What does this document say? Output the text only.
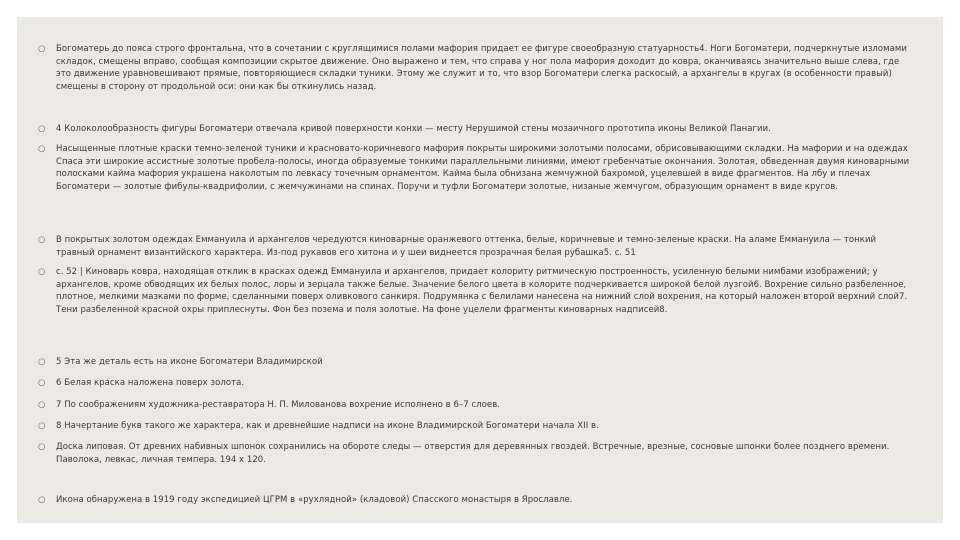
○ Богоматерь до пояса строго фронтальна, что в сочетании с круглящимися полами мафория придает ее фигуре своеобразную статуарность4. Ноги Богоматери, подчеркнутые изломами складок, смещены вправо, сообщая композиции скрытое движение. Оно выражено и тем, что справа у ног пола мафория доходит до ковра, оканчиваясь значительно выше слева, где это движение уравновешивают прямые, повторяющиеся складки туники. Этому же служит и то, что взор Богоматери слегка раскосый, а архангелы в кругах (в особенности правый) смещены в сторону от продольной оси: они как бы откинулись назад.
○ 4 Колоколообразность фигуры Богоматери отвечала кривой поверхности конхи — месту Нерушимой стены мозаичного прототипа иконы Великой Панагии.
○ Насыщенные плотные краски темно-зеленой туники и красновато-коричневого мафория покрыты широкими золотыми полосами, обрисовывающими складки. На мафории и на одеждах Спаса эти широкие ассистные золотые пробела-полосы, иногда образуемые тонкими параллельными линиями, имеют гребенчатые окончания. Золотая, обведенная двумя киноварными полосками кайма мафория украшена наколотым по левкасу точечным орнаментом. Кайма была обнизана жемчужной бахромой, уцелевшей в виде фрагментов. На лбу и плечах Богоматери — золотые фибулы-квадрифолии, с жемчужинами на спинах. Поручи и туфли Богоматери золотые, низаные жемчугом, образующим орнамент в виде кругов.
○ В покрытых золотом одеждах Еммануила и архангелов чередуются киноварные оранжевого оттенка, белые, коричневые и темно-зеленые краски. На аламе Еммануила — тонкий травный орнамент византийского характера. Из-под рукавов его хитона и у шеи виднеется прозрачная белая рубашка5. с. 51
○ с. 52 | Киноварь ковра, находящая отклик в красках одежд Еммануила и архангелов, придает колориту ритмическую построенность, усиленную белыми нимбами изображений; у архангелов, кроме обводящих их белых полос, лоры и зерцала также белые. Значение белого цвета в колорите подчеркивается широкой белой лузгой6. Вохрение сильно разбеленное, плотное, мелкими мазками по форме, сделанными поверх оливкового санкиря. Подрумянка с белилами нанесена на нижний слой вохрения, на который наложен второй верхний слой7. Тени разбеленной красной охры приплеснуты. Фон без позема и поля золотые. На фоне уцелели фрагменты киноварных надписей8.
○ 5 Эта же деталь есть на иконе Богоматери Владимирской
○ 6 Белая краска наложена поверх золота.
○ 7 По соображениям художника-реставратора Н. П. Милованова вохрение исполнено в 6–7 слоев.
○ 8 Начертание букв такого же характера, как и древнейшие надписи на иконе Владимирской Богоматери начала XII в.
○ Доска липовая. От древних набивных шпонок сохранились на обороте следы — отверстия для деревянных гвоздей. Встречные, врезные, сосновые шпонки более позднего времени. Паволока, левкас, личная темпера. 194 х 120.
○ Икона обнаружена в 1919 году экспедицией ЦГРМ в «рухлядной» (кладовой) Спасского монастыря в Ярославле.
